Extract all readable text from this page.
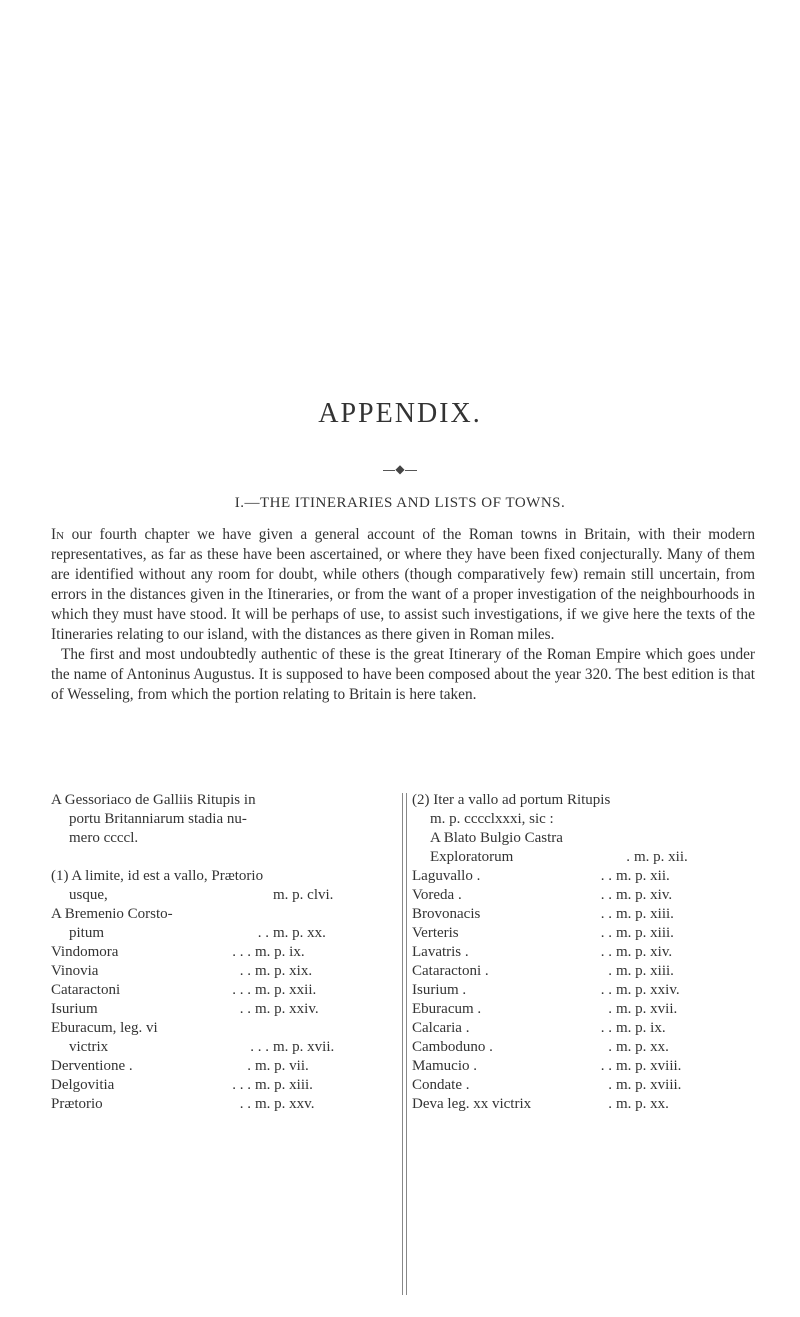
APPENDIX.
◆
I.—THE ITINERARIES AND LISTS OF TOWNS.

In our fourth chapter we have given a general account of the Roman towns in Britain, with their modern representatives, as far as these have been ascertained, or where they have been fixed conjecturally. Many of them are identified without any room for doubt, while others (though comparatively few) remain still uncertain, from errors in the distances given in the Itineraries, or from the want of a proper investigation of the neighbourhoods in which they must have stood. It will be perhaps of use, to assist such investigations, if we give here the texts of the Itineraries relating to our island, with the distances as there given in Roman miles.

The first and most undoubtedly authentic of these is the great Itinerary of the Roman Empire which goes under the name of Antoninus Augustus. It is supposed to have been composed about the year 320. The best edition is that of Wesseling, from which the portion relating to Britain is here taken.

A Gessoriaco de Galliis Ritupis in
portu Britanniarum stadia nu-
mero ccccl.
(1) A limite, id est a vallo, Prætorio
usque,	m. p. clvi.
A Bremenio Corsto-
pitum	. . m. p. xx.
Vindomora	. . . m. p. ix.
Vinovia	. . m. p. xix.
Cataractoni	. . . m. p. xxii.
Isurium	. . m. p. xxiv.
Eburacum, leg. vi
victrix	. . . m. p. xvii.
Derventione .	. m. p. vii.
Delgovitia	. . . m. p. xiii.
Prætorio	. . m. p. xxv.
(2) Iter a vallo ad portum Ritupis
m. p. cccclxxxi, sic :
A Blato Bulgio Castra
Exploratorum	. m. p. xii.
Laguvallo .	. . m. p. xii.
Voreda .	. . m. p. xiv.
Brovonacis	. . m. p. xiii.
Verteris	. . m. p. xiii.
Lavatris .	. . m. p. xiv.
Cataractoni .	. m. p. xiii.
Isurium .	. . m. p. xxiv.
Eburacum .	. m. p. xvii.
Calcaria .	. . m. p. ix.
Camboduno .	. m. p. xx.
Mamucio .	. . m. p. xviii.
Condate .	. m. p. xviii.
Deva leg. xx victrix	. m. p. xx.
